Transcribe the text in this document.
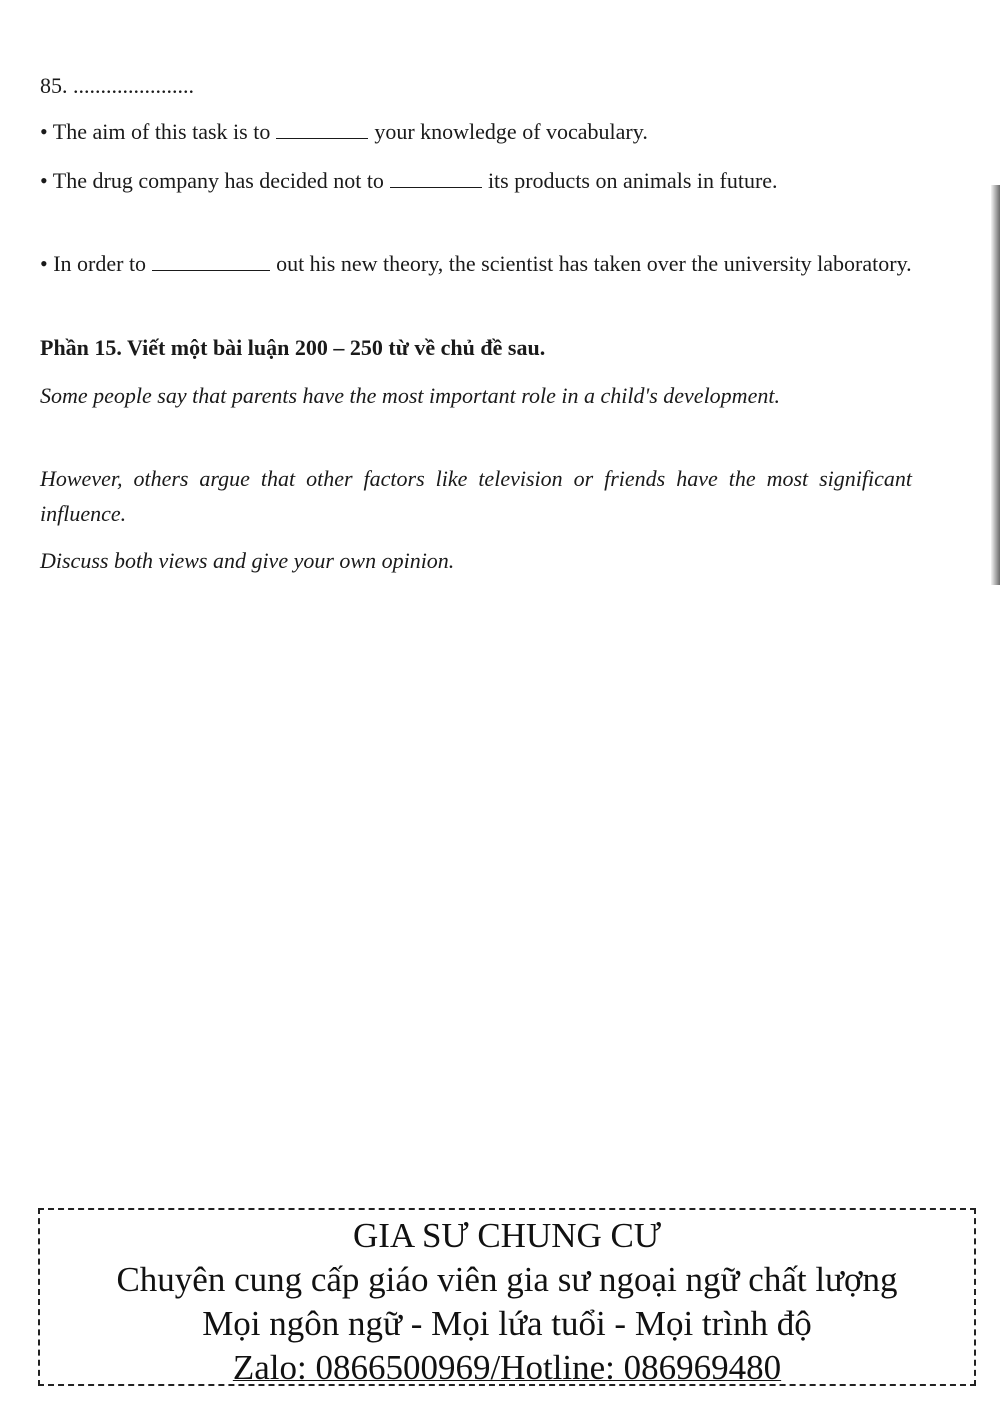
85. ......................
• The aim of this task is to	your knowledge of vocabulary.
• The drug company has decided not to	its products on animals in future.
• In order to	out his new theory, the scientist has taken over the university laboratory.
Phần 15. Viết một bài luận 200 – 250 từ về chủ đề sau.
Some people say that parents have the most important role in a child's development.
However, others argue that other factors like television or friends have the most significant influence.
Discuss both views and give your own opinion.
GIA SƯ CHUNG CƯ
Chuyên cung cấp giáo viên gia sư ngoại ngữ chất lượng
Mọi ngôn ngữ - Mọi lứa tuổi - Mọi trình độ
Zalo: 0866500969/Hotline: 086969480
